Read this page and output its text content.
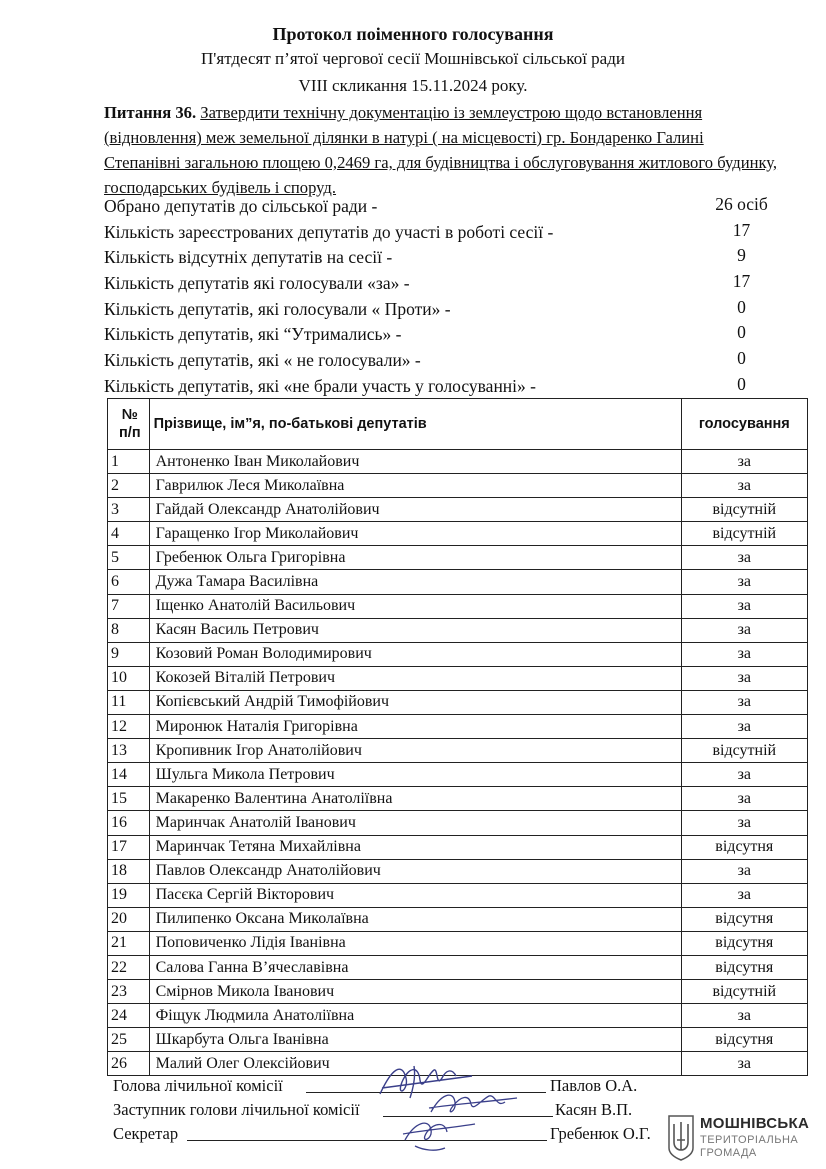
Протокол поіменного голосування
П'ятдесят п’ятої чергової сесії Мошнівської сільської ради
VIII скликання 15.11.2024 року.
Питання 36. Затвердити технічну документацію із землеустрою щодо встановлення (відновлення) меж земельної ділянки в натурі ( на місцевості) гр. Бондаренко Галині Степанівні загальною площею 0,2469 га, для будівництва і обслуговування житлового будинку, господарських будівель і споруд.
Обрано депутатів до сільської ради -	26 осіб
Кількість зареєстрованих депутатів до участі в роботі сесії -	17
Кількість відсутніх депутатів на сесії -	9
Кількість депутатів які голосували «за» -	17
Кількість депутатів, які голосували « Проти» -	0
Кількість депутатів, які “Утримались» -	0
Кількість депутатів, які « не голосували» -	0
Кількість депутатів, які «не брали участь у голосуванні» -	0
№
п/п	Прізвище, ім”я, по-батькові депутатів	голосування
1	Антоненко Іван Миколайович	за
2	Гаврилюк Леся Миколаївна	за
3	Гайдай Олександр Анатолійович	відсутній
4	Гаращенко Ігор Миколайович	відсутній
5	Гребенюк Ольга Григорівна	за
6	Дужа Тамара Василівна	за
7	Іщенко Анатолій Васильович	за
8	Касян Василь Петрович	за
9	Козовий Роман Володимирович	за
10	Кокозей Віталій Петрович	за
11	Копієвський Андрій Тимофійович	за
12	Миронюк Наталія Григорівна	за
13	Кропивник Ігор Анатолійович	відсутній
14	Шульга Микола Петрович	за
15	Макаренко Валентина Анатоліївна	за
16	Маринчак Анатолій Іванович	за
17	Маринчак Тетяна Михайлівна	відсутня
18	Павлов Олександр Анатолійович	за
19	Пасєка Сергій Вікторович	за
20	Пилипенко Оксана Миколаївна	відсутня
21	Поповиченко Лідія Іванівна	відсутня
22	Салова Ганна В’ячеславівна	відсутня
23	Смірнов Микола Іванович	відсутній
24	Фіщук Людмила Анатоліївна	за
25	Шкарбута Ольга Іванівна	відсутня
26	Малий Олег Олексійович	за
Голова лічильної комісії	Павлов О.А.
Заступник голови лічильної комісії	Касян В.П.
Секретар	Гребенюк О.Г.
МОШНІВСЬКА
ТЕРИТОРІАЛЬНА
ГРОМАДА
